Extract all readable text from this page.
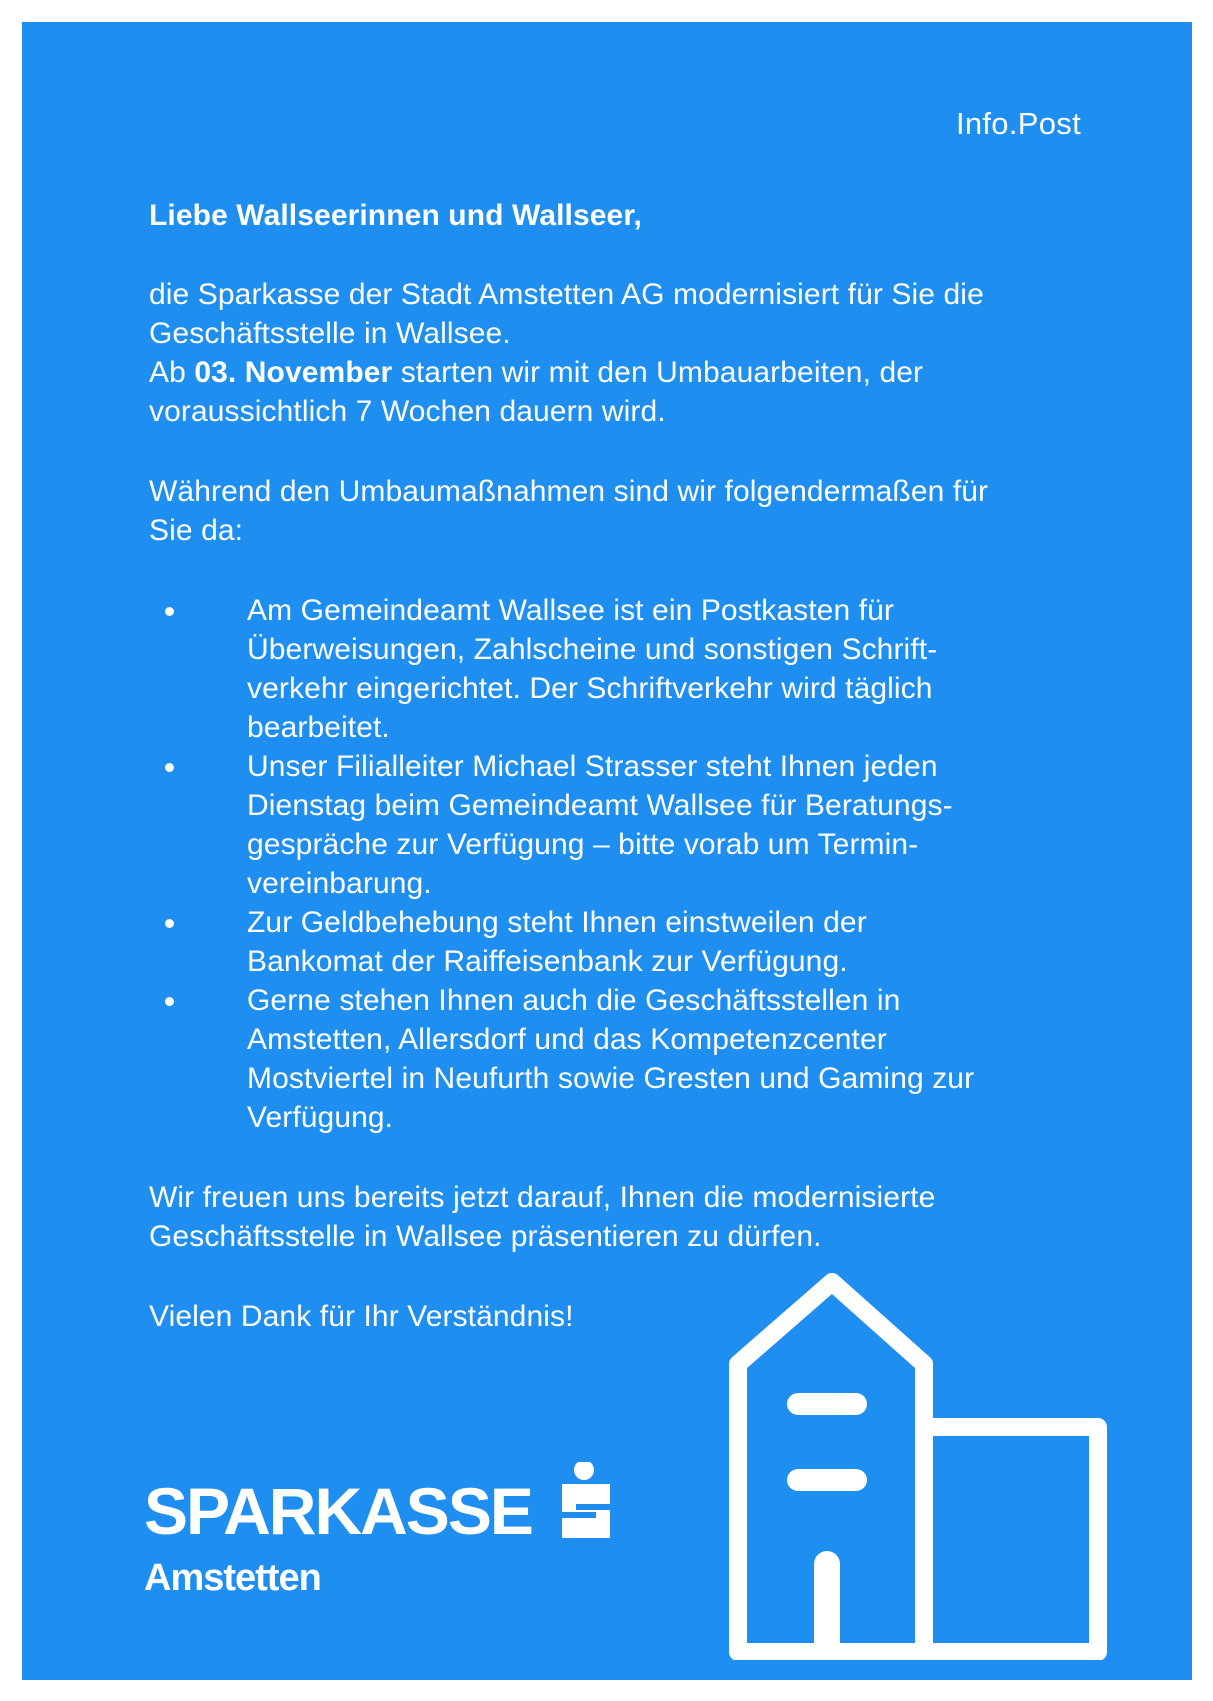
Info.Post

Liebe Wallseerinnen und Wallseer,

die Sparkasse der Stadt Amstetten AG modernisiert für Sie die Geschäftsstelle in Wallsee.

Ab 03. November starten wir mit den Umbauarbeiten, der voraussichtlich 7 Wochen dauern wird.

Während den Umbaumaßnahmen sind wir folgendermaßen für Sie da:

Am Gemeindeamt Wallsee ist ein Postkasten für Überweisungen, Zahlscheine und sonstigen Schrift-verkehr eingerichtet. Der Schriftverkehr wird täglich bearbeitet.
Unser Filialleiter Michael Strasser steht Ihnen jeden Dienstag beim Gemeindeamt Wallsee für Beratungs-gespräche zur Verfügung – bitte vorab um Termin-vereinbarung.
Zur Geldbehebung steht Ihnen einstweilen der Bankomat der Raiffeisenbank zur Verfügung.
Gerne stehen Ihnen auch die Geschäftsstellen in Amstetten, Allersdorf und das Kompetenzcenter Mostviertel in Neufurth sowie Gresten und Gaming zur Verfügung.

Wir freuen uns bereits jetzt darauf, Ihnen die modernisierte Geschäftsstelle in Wallsee präsentieren zu dürfen.

Vielen Dank für Ihr Verständnis!

SPARKASSE
Amstetten
